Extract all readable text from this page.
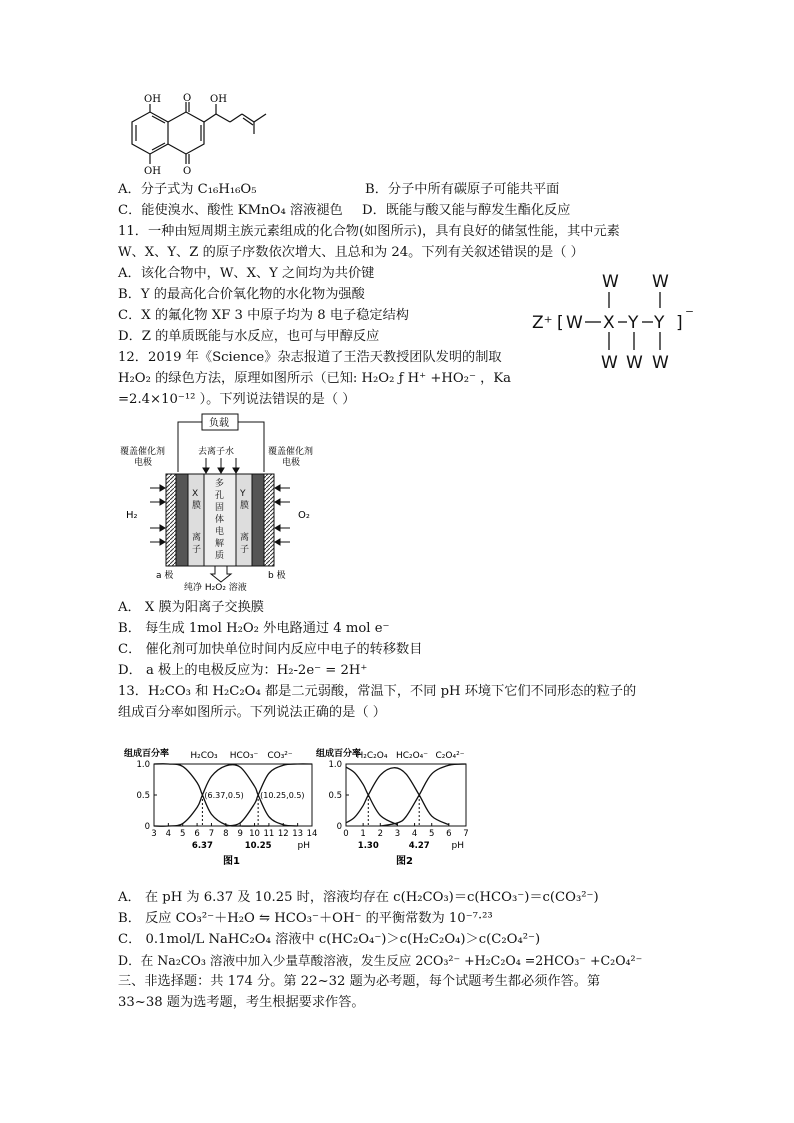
OH O OH
O
OH
A．分子式为 C₁₆H₁₆O₅	B．分子中所有碳原子可能共平面
C．能使溴水、酸性 KMnO₄ 溶液褪色 D．既能与酸又能与醇发生酯化反应
11．一种由短周期主族元素组成的化合物(如图所示)，具有良好的储氢性能，其中元素
W、X、Y、Z 的原子序数依次增大、且总和为 24。下列有关叙述错误的是（ ）
A．该化合物中，W、X、Y 之间均为共价键
B．Y 的最高化合价氧化物的水化物为强酸
C．X 的氟化物 XF 3 中原子均为 8 电子稳定结构
D．Z 的单质既能与水反应，也可与甲醇反应
W W
Z⁺ [ W X Y Y ] ⁻
W W W
12．2019 年《Science》杂志报道了王浩天教授团队发明的制取
H₂O₂ 的绿色方法，原理如图所示（已知: H₂O₂ ƒ H⁺ +HO₂⁻ ，Ka
=2.4×10⁻¹² ）。下列说法错误的是（ ）
负载
覆盖催化剂
电极
覆盖催化剂
电极
去离子水
X
膜
Y
膜
多
孔
固
体
电
解
质
离
子
离
子
H₂	O₂
a 极	b 极
纯净 H₂O₂ 溶液
A． X 膜为阳离子交换膜
B． 每生成 1mol H₂O₂ 外电路通过 4 mol e⁻
C． 催化剂可加快单位时间内反应中电子的转移数目
D． a 极上的电极反应为：H₂-2e⁻ = 2H⁺
13．H₂CO₃ 和 H₂C₂O₄ 都是二元弱酸，常温下，不同 pH 环境下它们不同形态的粒子的
组成百分率如图所示。下列说法正确的是（ ）
组成百分率
0
0.5
1.0
3 4 5 6 7 8 9 10 11 12 13 14
pH
6.37	10.25
H₂CO₃ HCO₃⁻ CO₃²⁻
(6.37,0.5) (10.25,0.5)
图1
组成百分率
0
0.5
1.0
0 1 2 3 4 5 6 7
pH
1.30	4.27
H₂C₂O₄ HC₂O₄⁻ C₂O₄²⁻
图2
A． 在 pH 为 6.37 及 10.25 时，溶液均存在 c(H₂CO₃)＝c(HCO₃⁻)＝c(CO₃²⁻)
B． 反应 CO₃²⁻＋H₂O ⇋ HCO₃⁻＋OH⁻ 的平衡常数为 10⁻⁷·²³
C． 0.1mol/L NaHC₂O₄ 溶液中 c(HC₂O₄⁻)＞c(H₂C₂O₄)＞c(C₂O₄²⁻)
D．在 Na₂CO₃ 溶液中加入少量草酸溶液，发生反应 2CO₃²⁻ +H₂C₂O₄ =2HCO₃⁻ +C₂O₄²⁻
三、非选择题：共 174 分。第 22~32 题为必考题，每个试题考生都必须作答。第
33~38 题为选考题，考生根据要求作答。
